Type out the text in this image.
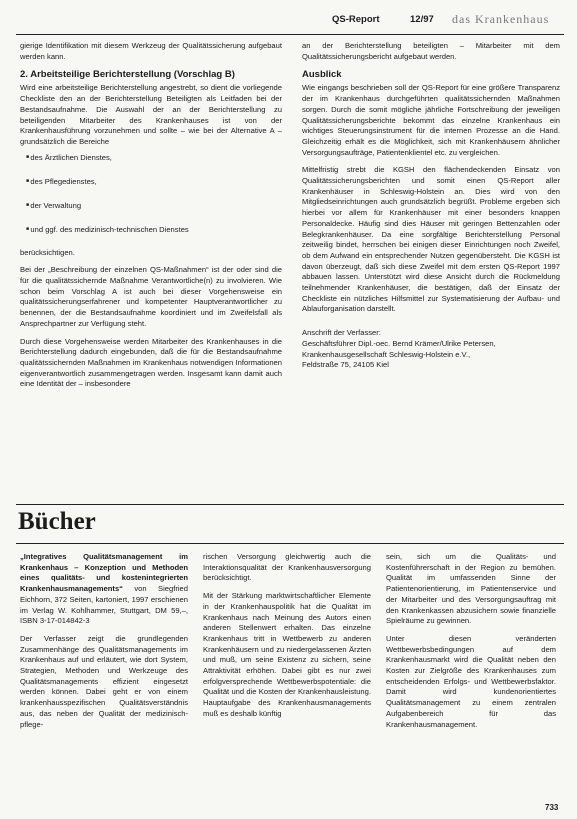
QS-Report	12/97 das Krankenhaus

gierige Identifikation mit diesem Werkzeug der Qualitätssicherung aufgebaut werden kann.

2. Arbeitsteilige Berichterstellung (Vorschlag B)

Wird eine arbeitsteilige Berichterstellung angestrebt, so dient die vorliegende Checkliste den an der Berichterstellung Beteiligten als Leitfaden bei der Bestandsaufnahme. Die Auswahl der an der Berichterstellung zu beteiligenden Mitarbeiter des Krankenhauses ist von der Krankenhausführung vorzunehmen und sollte – wie bei der Alternative A – grundsätzlich die Bereiche

■ des Ärztlichen Dienstes,
■ des Pflegedienstes,
■ der Verwaltung
■ und ggf. des medizinisch-technischen Dienstes

berücksichtigen.

Bei der „Beschreibung der einzelnen QS-Maßnahmen“ ist der oder sind die für die qualitätssichernde Maßnahme Verantwortliche(n) zu involvieren. Wie schon beim Vorschlag A ist auch bei dieser Vorgehensweise ein qualitätssicherungserfahrener und kompetenter Hauptverantwortlicher zu benennen, der die Bestandsaufnahme koordiniert und im Zweifelsfall als Ansprechpartner zur Verfügung steht.

Durch diese Vorgehensweise werden Mitarbeiter des Krankenhauses in die Berichterstellung dadurch eingebunden, daß die für die Bestandsaufnahme qualitätssichernden Maßnahmen im Krankenhaus notwendigen Informationen eigenverantwortlich zusammengetragen werden. Insgesamt kann damit auch eine Identität der – insbesondere

an der Berichterstellung beteiligten – Mitarbeiter mit dem Qualitätssicherungsbericht aufgebaut werden.

Ausblick

Wie eingangs beschrieben soll der QS-Report für eine größere Transparenz der im Krankenhaus durchgeführten qualitätssichernden Maßnahmen sorgen. Durch die somit mögliche jährliche Fortschreibung der jeweiligen Qualitätssicherungsberichte bekommt das einzelne Krankenhaus ein wichtiges Steuerungsinstrument für die internen Prozesse an die Hand. Gleichzeitig erhält es die Möglichkeit, sich mit Krankenhäusern ähnlicher Versorgungsaufträge, Patientenklientel etc. zu vergleichen.

Mittelfristig strebt die KGSH den flächendeckenden Einsatz von Qualitätssicherungsberichten und somit einen QS-Report aller Krankenhäuser in Schleswig-Holstein an. Dies wird von den Mitgliedseinrichtungen auch grundsätzlich begrüßt. Probleme ergeben sich hierbei vor allem für Krankenhäuser mit einer besonders knappen Personaldecke. Häufig sind dies Häuser mit geringen Bettenzahlen oder Belegkrankenhäuser. Da eine sorgfältige Berichterstellung Personal zeitweilig bindet, herrschen bei einigen dieser Einrichtungen noch Zweifel, ob dem Aufwand ein entsprechender Nutzen gegenübersteht. Die KGSH ist davon überzeugt, daß sich diese Zweifel mit dem ersten QS-Report 1997 abbauen lassen. Unterstützt wird diese Ansicht durch die Rückmeldung teilnehmender Krankenhäuser, die bestätigen, daß der Einsatz der Checkliste ein nützliches Hilfsmittel zur Systematisierung der Aufbau- und Ablauforganisation darstellt.

Anschrift der Verfasser:

Geschäftsführer Dipl.-oec. Bernd Krämer/Ulrike Petersen,

Krankenhausgesellschaft Schleswig-Holstein e.V.,

Feldstraße 75, 24105 Kiel

Bücher

„Integratives Qualitätsmanagement im Krankenhaus – Konzeption und Methoden eines qualitäts- und kostenintegrierten Krankenhausmanagements“ von Siegfried Eichhorn, 372 Seiten, kartoniert, 1997 erschienen im Verlag W. Kohlhammer, Stuttgart, DM 59,–, ISBN 3-17-014842-3

Der Verfasser zeigt die grundlegenden Zusammenhänge des Qualitätsmanagements im Krankenhaus auf und erläutert, wie dort System, Strategien, Methoden und Werkzeuge des Qualitätsmanagements effizient eingesetzt werden können. Dabei geht er von einem krankenhausspezifischen Qualitätsverständnis aus, das neben der Qualität der medizinisch-pflege-

rischen Versorgung gleichwertig auch die Interaktionsqualität der Krankenhausversorgung berücksichtigt.

Mit der Stärkung marktwirtschaftlicher Elemente in der Krankenhauspolitik hat die Qualität im Krankenhaus nach Meinung des Autors einen anderen Stellenwert erhalten. Das einzelne Krankenhaus tritt in Wettbewerb zu anderen Krankenhäusern und zu niedergelassenen Ärzten und muß, um seine Existenz zu sichern, seine Attraktivität erhöhen. Dabei gibt es nur zwei erfolgversprechende Wettbewerbspotentiale: die Qualität und die Kosten der Krankenhausleistung. Hauptaufgabe des Krankenhausmanagements muß es deshalb künftig

sein, sich um die Qualitäts- und Kostenführerschaft in der Region zu bemühen. Qualität im umfassenden Sinne der Patientenorientierung, im Patientenservice und der Mitarbeiter und des Versorgungsauftrag mit den Krankenkassen abzusichern sowie finanzielle Spielräume zu gewinnen.

Unter diesen veränderten Wettbewerbsbedingungen auf dem Krankenhausmarkt wird die Qualität neben den Kosten zur Zielgröße des Krankenhauses zum entscheidenden Erfolgs- und Wettbewerbsfaktor. Damit wird kundenorientiertes Qualitätsmanagement zu einem zentralen Aufgabenbereich für das Krankenhausmanagement.

733
